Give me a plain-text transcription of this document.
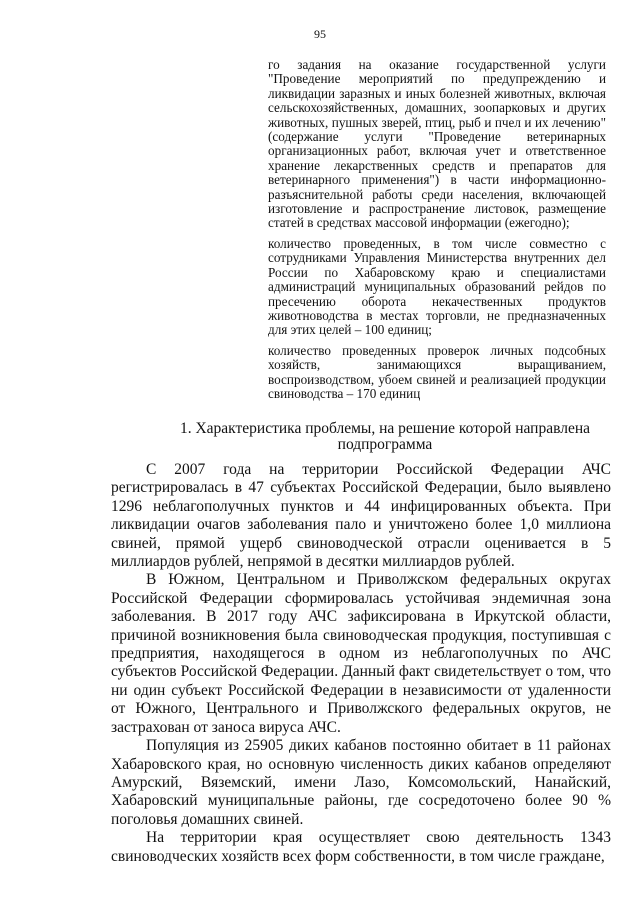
95

го задания на оказание государственной услуги "Проведение мероприятий по предупреждению и ликвидации заразных и иных болезней животных, включая сельскохозяйственных, домашних, зоопарковых и других животных, пушных зверей, птиц, рыб и пчел и их лечению" (содержание услуги "Проведение ветеринарных организационных работ, включая учет и ответственное хранение лекарственных средств и препаратов для ветеринарного применения") в части информационно-разъяснительной работы среди населения, включающей изготовление и распространение листовок, размещение статей в средствах массовой информации (ежегодно);

количество проведенных, в том числе совместно с сотрудниками Управления Министерства внутренних дел России по Хабаровскому краю и специалистами администраций муниципальных образований рейдов по пресечению оборота некачественных продуктов животноводства в местах торговли, не предназначенных для этих целей – 100 единиц;

количество проведенных проверок личных подсобных хозяйств, занимающихся выращиванием, воспроизводством, убоем свиней и реализацией продукции свиноводства – 170 единиц

1. Характеристика проблемы, на решение которой направлена
подпрограмма

С 2007 года на территории Российской Федерации АЧС регистрировалась в 47 субъектах Российской Федерации, было выявлено 1296 неблагополучных пунктов и 44 инфицированных объекта. При ликвидации очагов заболевания пало и уничтожено более 1,0 миллиона свиней, прямой ущерб свиноводческой отрасли оценивается в 5 миллиардов рублей, непрямой в десятки миллиардов рублей.

В Южном, Центральном и Приволжском федеральных округах Российской Федерации сформировалась устойчивая эндемичная зона заболевания. В 2017 году АЧС зафиксирована в Иркутской области, причиной возникновения была свиноводческая продукция, поступившая с предприятия, находящегося в одном из неблагополучных по АЧС субъектов Российской Федерации. Данный факт свидетельствует о том, что ни один субъект Российской Федерации в независимости от удаленности от Южного, Центрального и Приволжского федеральных округов, не застрахован от заноса вируса АЧС.

Популяция из 25905 диких кабанов постоянно обитает в 11 районах Хабаровского края, но основную численность диких кабанов определяют Амурский, Вяземский, имени Лазо, Комсомольский, Нанайский, Хабаровский муниципальные районы, где сосредоточено более 90 % поголовья домашних свиней.

На территории края осуществляет свою деятельность 1343 свиноводческих хозяйств всех форм собственности, в том числе граждане,
